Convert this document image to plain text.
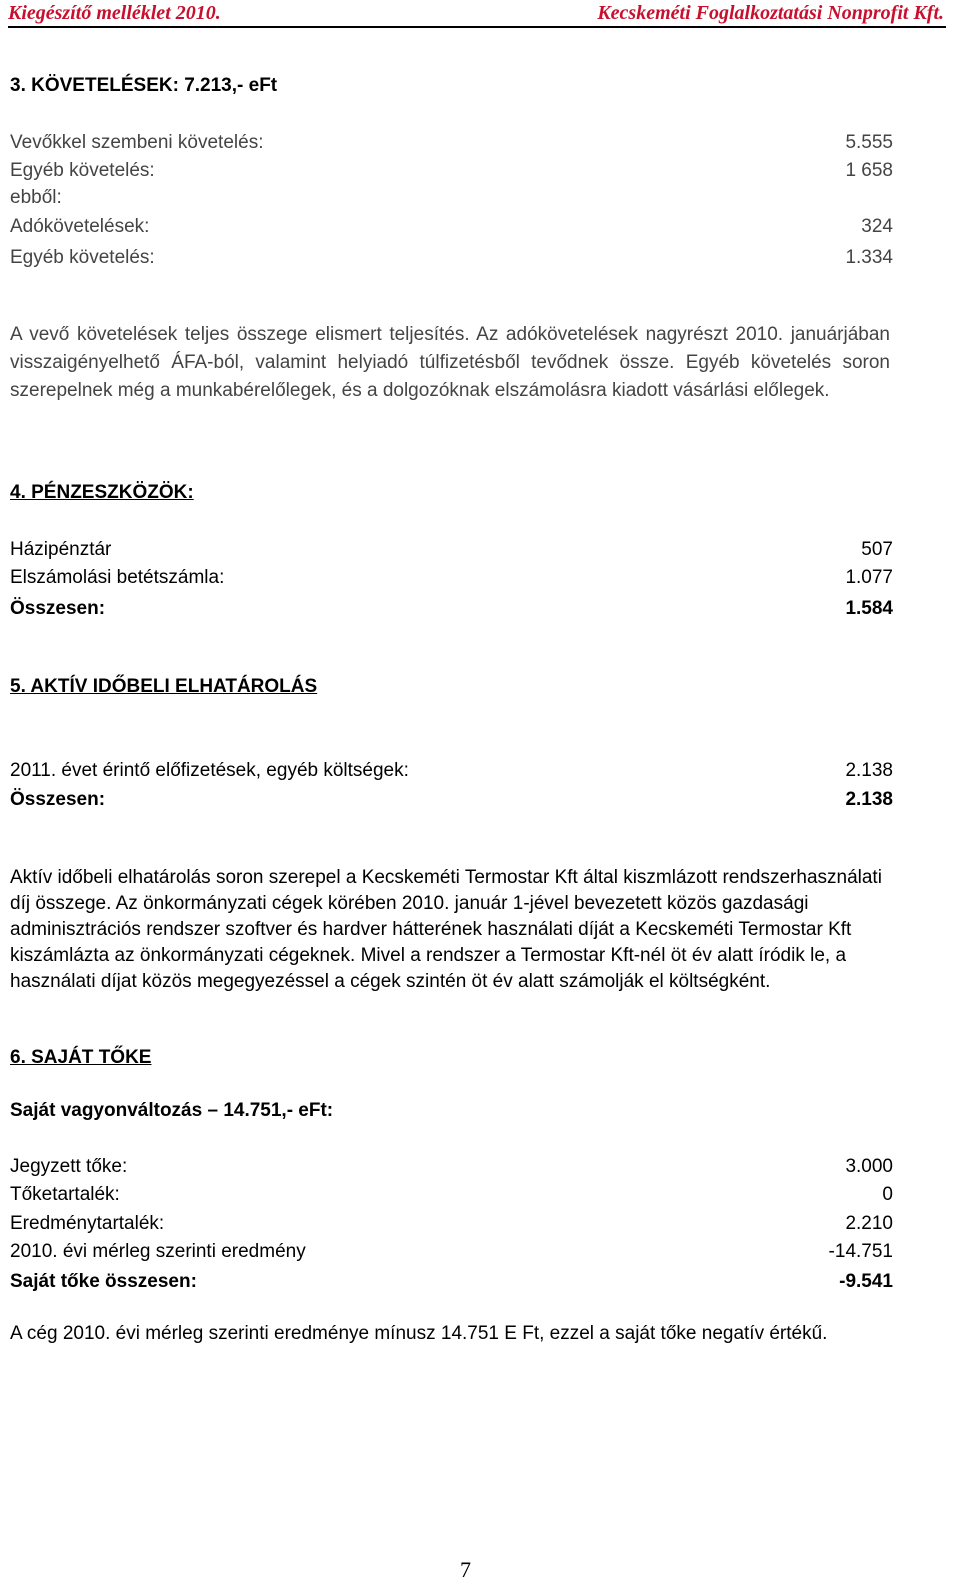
Kiegészítő melléklet 2010.	Kecskeméti Foglalkoztatási Nonprofit Kft.
3. KÖVETELÉSEK: 7.213,- eFt
Vevőkkel szembeni követelés:	5.555
Egyéb követelés:	1 658
ebből:
Adókövetelések:	324
Egyéb követelés:	1.334
A vevő követelések teljes összege elismert teljesítés. Az adókövetelések nagyrészt 2010. januárjában visszaigényelhető ÁFA-ból, valamint helyiadó túlfizetésből tevődnek össze. Egyéb követelés soron szerepelnek még a munkabérelőlegek, és a dolgozóknak elszámolásra kiadott vásárlási előlegek.
4. PÉNZESZKÖZÖK:
Házipénztár	507
Elszámolási betétszámla:	1.077
Összesen:	1.584
5. AKTÍV IDŐBELI ELHATÁROLÁS
2011. évet érintő előfizetések, egyéb költségek:	2.138
Összesen:	2.138
Aktív időbeli elhatárolás soron szerepel a Kecskeméti Termostar Kft által kiszmlázott rendszerhasználati díj összege. Az önkormányzati cégek körében 2010. január 1-jével bevezetett közös gazdasági adminisztrációs rendszer szoftver és hardver hátterének használati díját a Kecskeméti Termostar Kft kiszámlázta az önkormányzati cégeknek. Mivel a rendszer a Termostar Kft-nél öt év alatt íródik le, a használati díjat közös megegyezéssel a cégek szintén öt év alatt számolják el költségként.
6. SAJÁT TŐKE
Saját vagyonváltozás – 14.751,- eFt:
Jegyzett tőke:	3.000
Tőketartalék:	0
Eredménytartalék:	2.210
2010. évi mérleg szerinti eredmény	-14.751
Saját tőke összesen:	-9.541
A cég 2010. évi mérleg szerinti eredménye mínusz 14.751 E Ft, ezzel a saját tőke negatív értékű.
7
